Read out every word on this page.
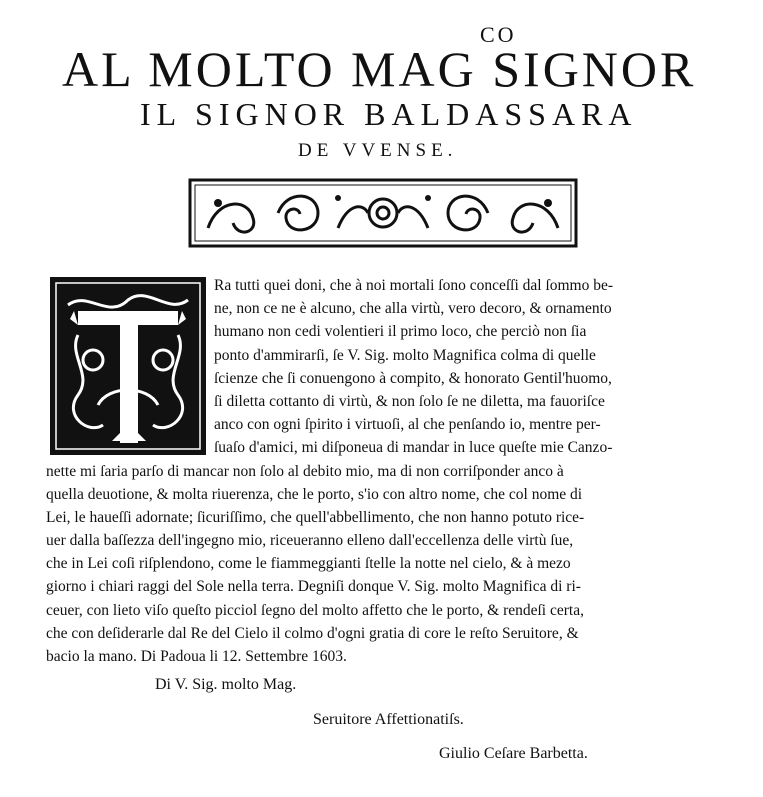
CO
AL MOLTO MAG SIGNOR
IL SIGNOR BALDASSARA
DE VVENSE.
Ra tutti quei doni, che à noi mortali ſono conceſſi dal ſommo be-
ne, non ce ne è alcuno, che alla virtù, vero decoro, & ornamento
humano non cedi volentieri il primo loco, che perciò non ſia
ponto d'ammirarſi, ſe V. Sig. molto Magnifica colma di quelle
ſcienze che ſi conuengono à compito, & honorato Gentil'huomo,
ſi diletta cottanto di virtù, & non ſolo ſe ne diletta, ma fauoriſce
anco con ogni ſpirito i virtuoſi, al che penſando io, mentre per-
ſuaſo d'amici, mi diſponeua di mandar in luce queſte mie Canzo-
nette mi ſaria parſo di mancar non ſolo al debito mio, ma di non corriſponder anco à
quella deuotione, & molta riuerenza, che le porto, s'io con altro nome, che col nome di
Lei, le haueſſi adornate; ſicuriſſimo, che quell'abbellimento, che non hanno potuto rice-
uer dalla baſſezza dell'ingegno mio, riceueranno elleno dall'eccellenza delle virtù ſue,
che in Lei coſi riſplendono, come le fiammeggianti ſtelle la notte nel cielo, & à mezo
giorno i chiari raggi del Sole nella terra. Degniſi donque V. Sig. molto Magnifica di ri-
ceuer, con lieto viſo queſto picciol ſegno del molto affetto che le porto, & rendeſi certa,
che con deſiderarle dal Re del Cielo il colmo d'ogni gratia di core le reſto Seruitore, &
bacio la mano. Di Padoua li 12. Settembre 1603.
Di V. Sig. molto Mag.
Seruitore Affettionatiſs.
Giulio Ceſare Barbetta.
